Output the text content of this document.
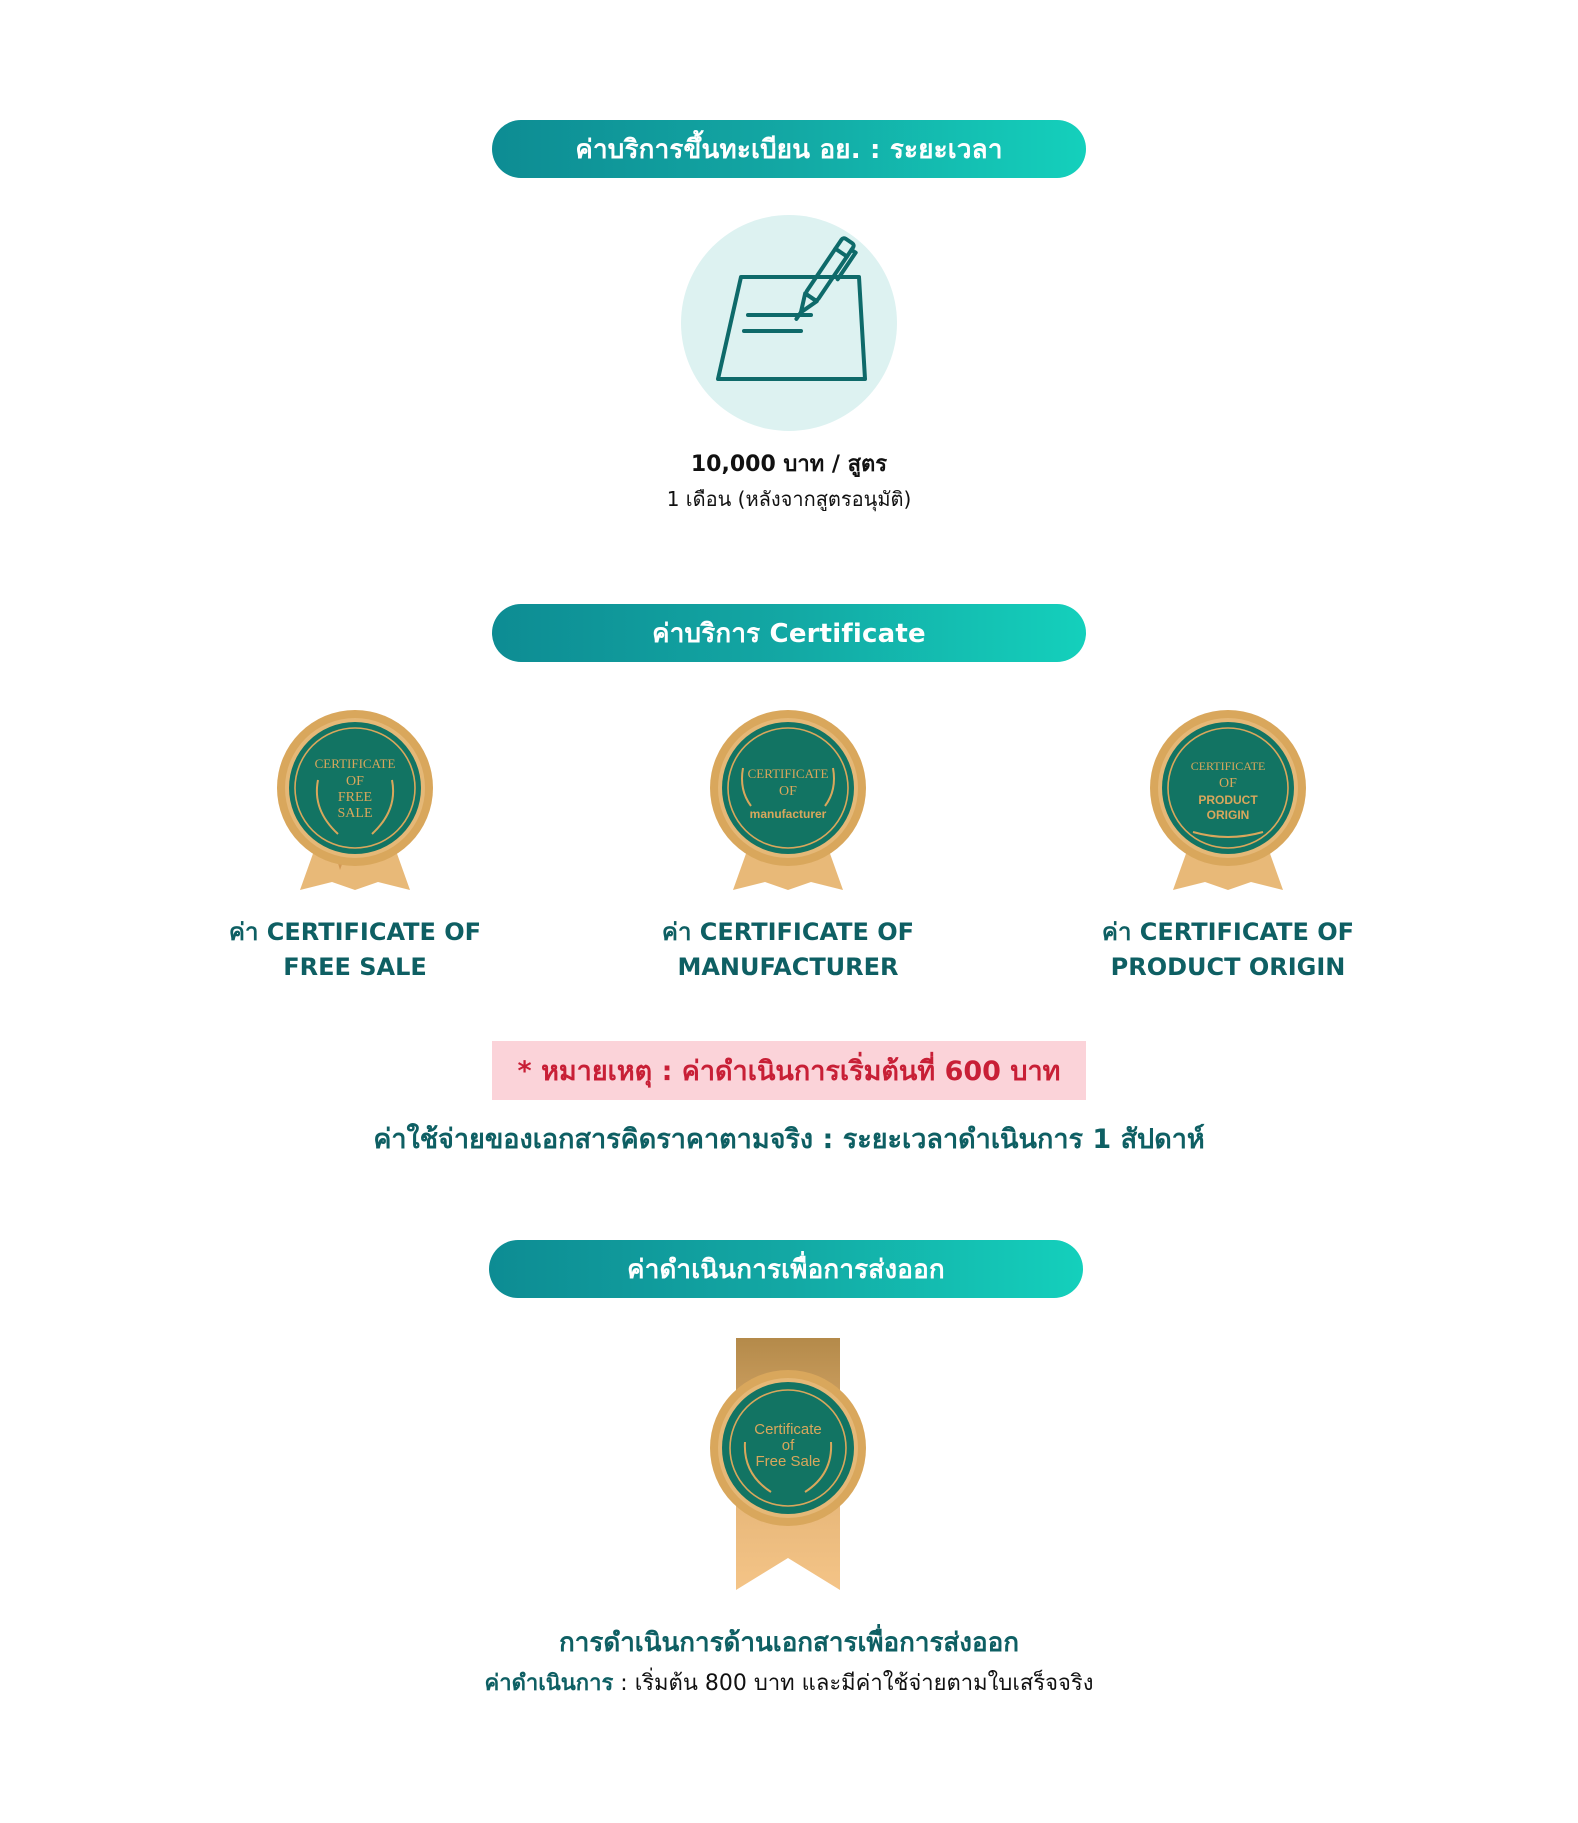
ค่าบริการขึ้นทะเบียน อย. : ระยะเวลา
10,000 บาท / สูตร
1 เดือน (หลังจากสูตรอนุมัติ)
ค่าบริการ Certificate
CERTIFICATE
OF
FREE
SALE
ค่า CERTIFICATE OF
FREE SALE
CERTIFICATE
OF
manufacturer
ค่า CERTIFICATE OF
MANUFACTURER
CERTIFICATE
OF
PRODUCT
ORIGIN
ค่า CERTIFICATE OF
PRODUCT ORIGIN
* หมายเหตุ : ค่าดำเนินการเริ่มต้นที่ 600 บาท
ค่าใช้จ่ายของเอกสารคิดราคาตามจริง : ระยะเวลาดำเนินการ 1 สัปดาห์
ค่าดำเนินการเพื่อการส่งออก
Certificate
of
Free Sale
การดำเนินการด้านเอกสารเพื่อการส่งออก
ค่าดำเนินการ : เริ่มต้น 800 บาท และมีค่าใช้จ่ายตามใบเสร็จจริง
